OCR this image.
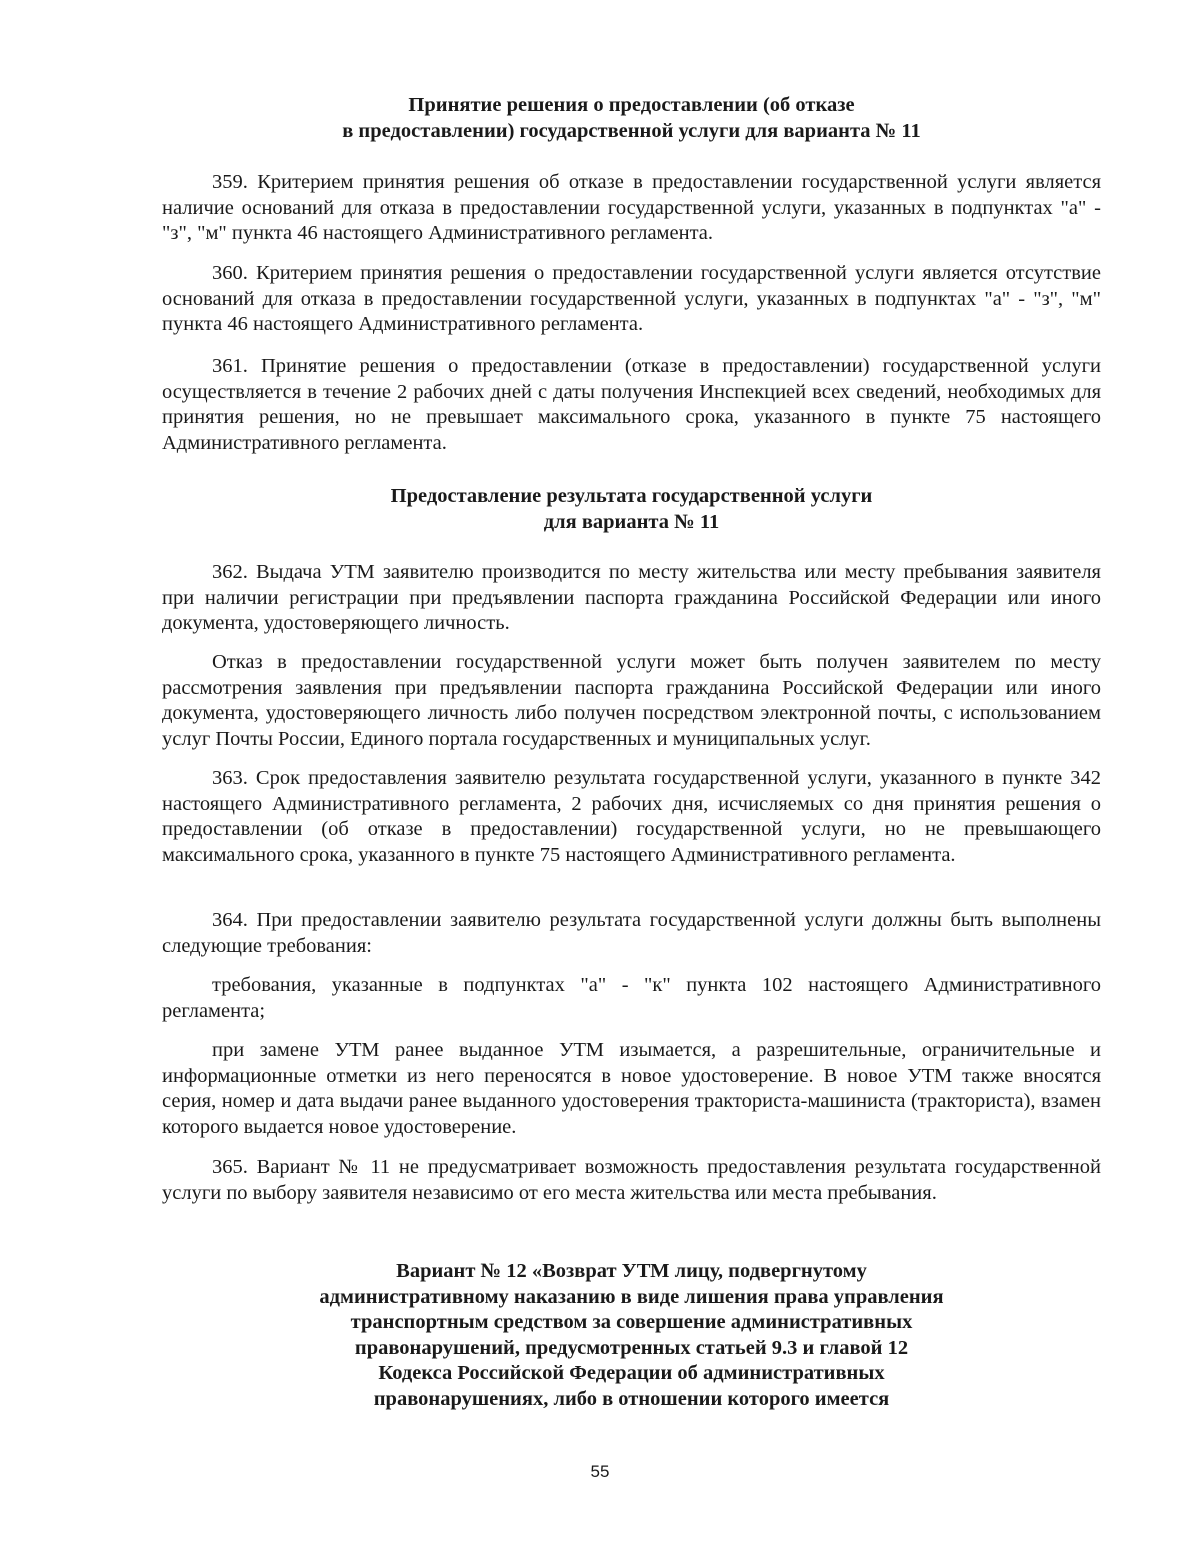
Принятие решения о предоставлении (об отказе
в предоставлении) государственной услуги для варианта № 11

359. Критерием принятия решения об отказе в предоставлении государственной услуги является наличие оснований для отказа в предоставлении государственной услуги, указанных в подпунктах "а" - "з", "м" пункта 46 настоящего Административного регламента.

360. Критерием принятия решения о предоставлении государственной услуги является отсутствие оснований для отказа в предоставлении государственной услуги, указанных в подпунктах "а" - "з", "м" пункта 46 настоящего Административного регламента.

361. Принятие решения о предоставлении (отказе в предоставлении) государственной услуги осуществляется в течение 2 рабочих дней с даты получения Инспекцией всех сведений, необходимых для принятия решения, но не превышает максимального срока, указанного в пункте 75 настоящего Административного регламента.

Предоставление результата государственной услуги
для варианта № 11

362. Выдача УТМ заявителю производится по месту жительства или месту пребывания заявителя при наличии регистрации при предъявлении паспорта гражданина Российской Федерации или иного документа, удостоверяющего личность.

Отказ в предоставлении государственной услуги может быть получен заявителем по месту рассмотрения заявления при предъявлении паспорта гражданина Российской Федерации или иного документа, удостоверяющего личность либо получен посредством электронной почты, с использованием услуг Почты России, Единого портала государственных и муниципальных услуг.

363. Срок предоставления заявителю результата государственной услуги, указанного в пункте 342 настоящего Административного регламента, 2 рабочих дня, исчисляемых со дня принятия решения о предоставлении (об отказе в предоставлении) государственной услуги, но не превышающего максимального срока, указанного в пункте 75 настоящего Административного регламента.

364. При предоставлении заявителю результата государственной услуги должны быть выполнены следующие требования:

требования, указанные в подпунктах "а" - "к" пункта 102 настоящего Административного регламента;

при замене УТМ ранее выданное УТМ изымается, а разрешительные, ограничительные и информационные отметки из него переносятся в новое удостоверение. В новое УТМ также вносятся серия, номер и дата выдачи ранее выданного удостоверения тракториста-машиниста (тракториста), взамен которого выдается новое удостоверение.

365. Вариант № 11 не предусматривает возможность предоставления результата государственной услуги по выбору заявителя независимо от его места жительства или места пребывания.

Вариант № 12 «Возврат УТМ лицу, подвергнутому
административному наказанию в виде лишения права управления
транспортным средством за совершение административных
правонарушений, предусмотренных статьей 9.3 и главой 12
Кодекса Российской Федерации об административных
правонарушениях, либо в отношении которого имеется
55
